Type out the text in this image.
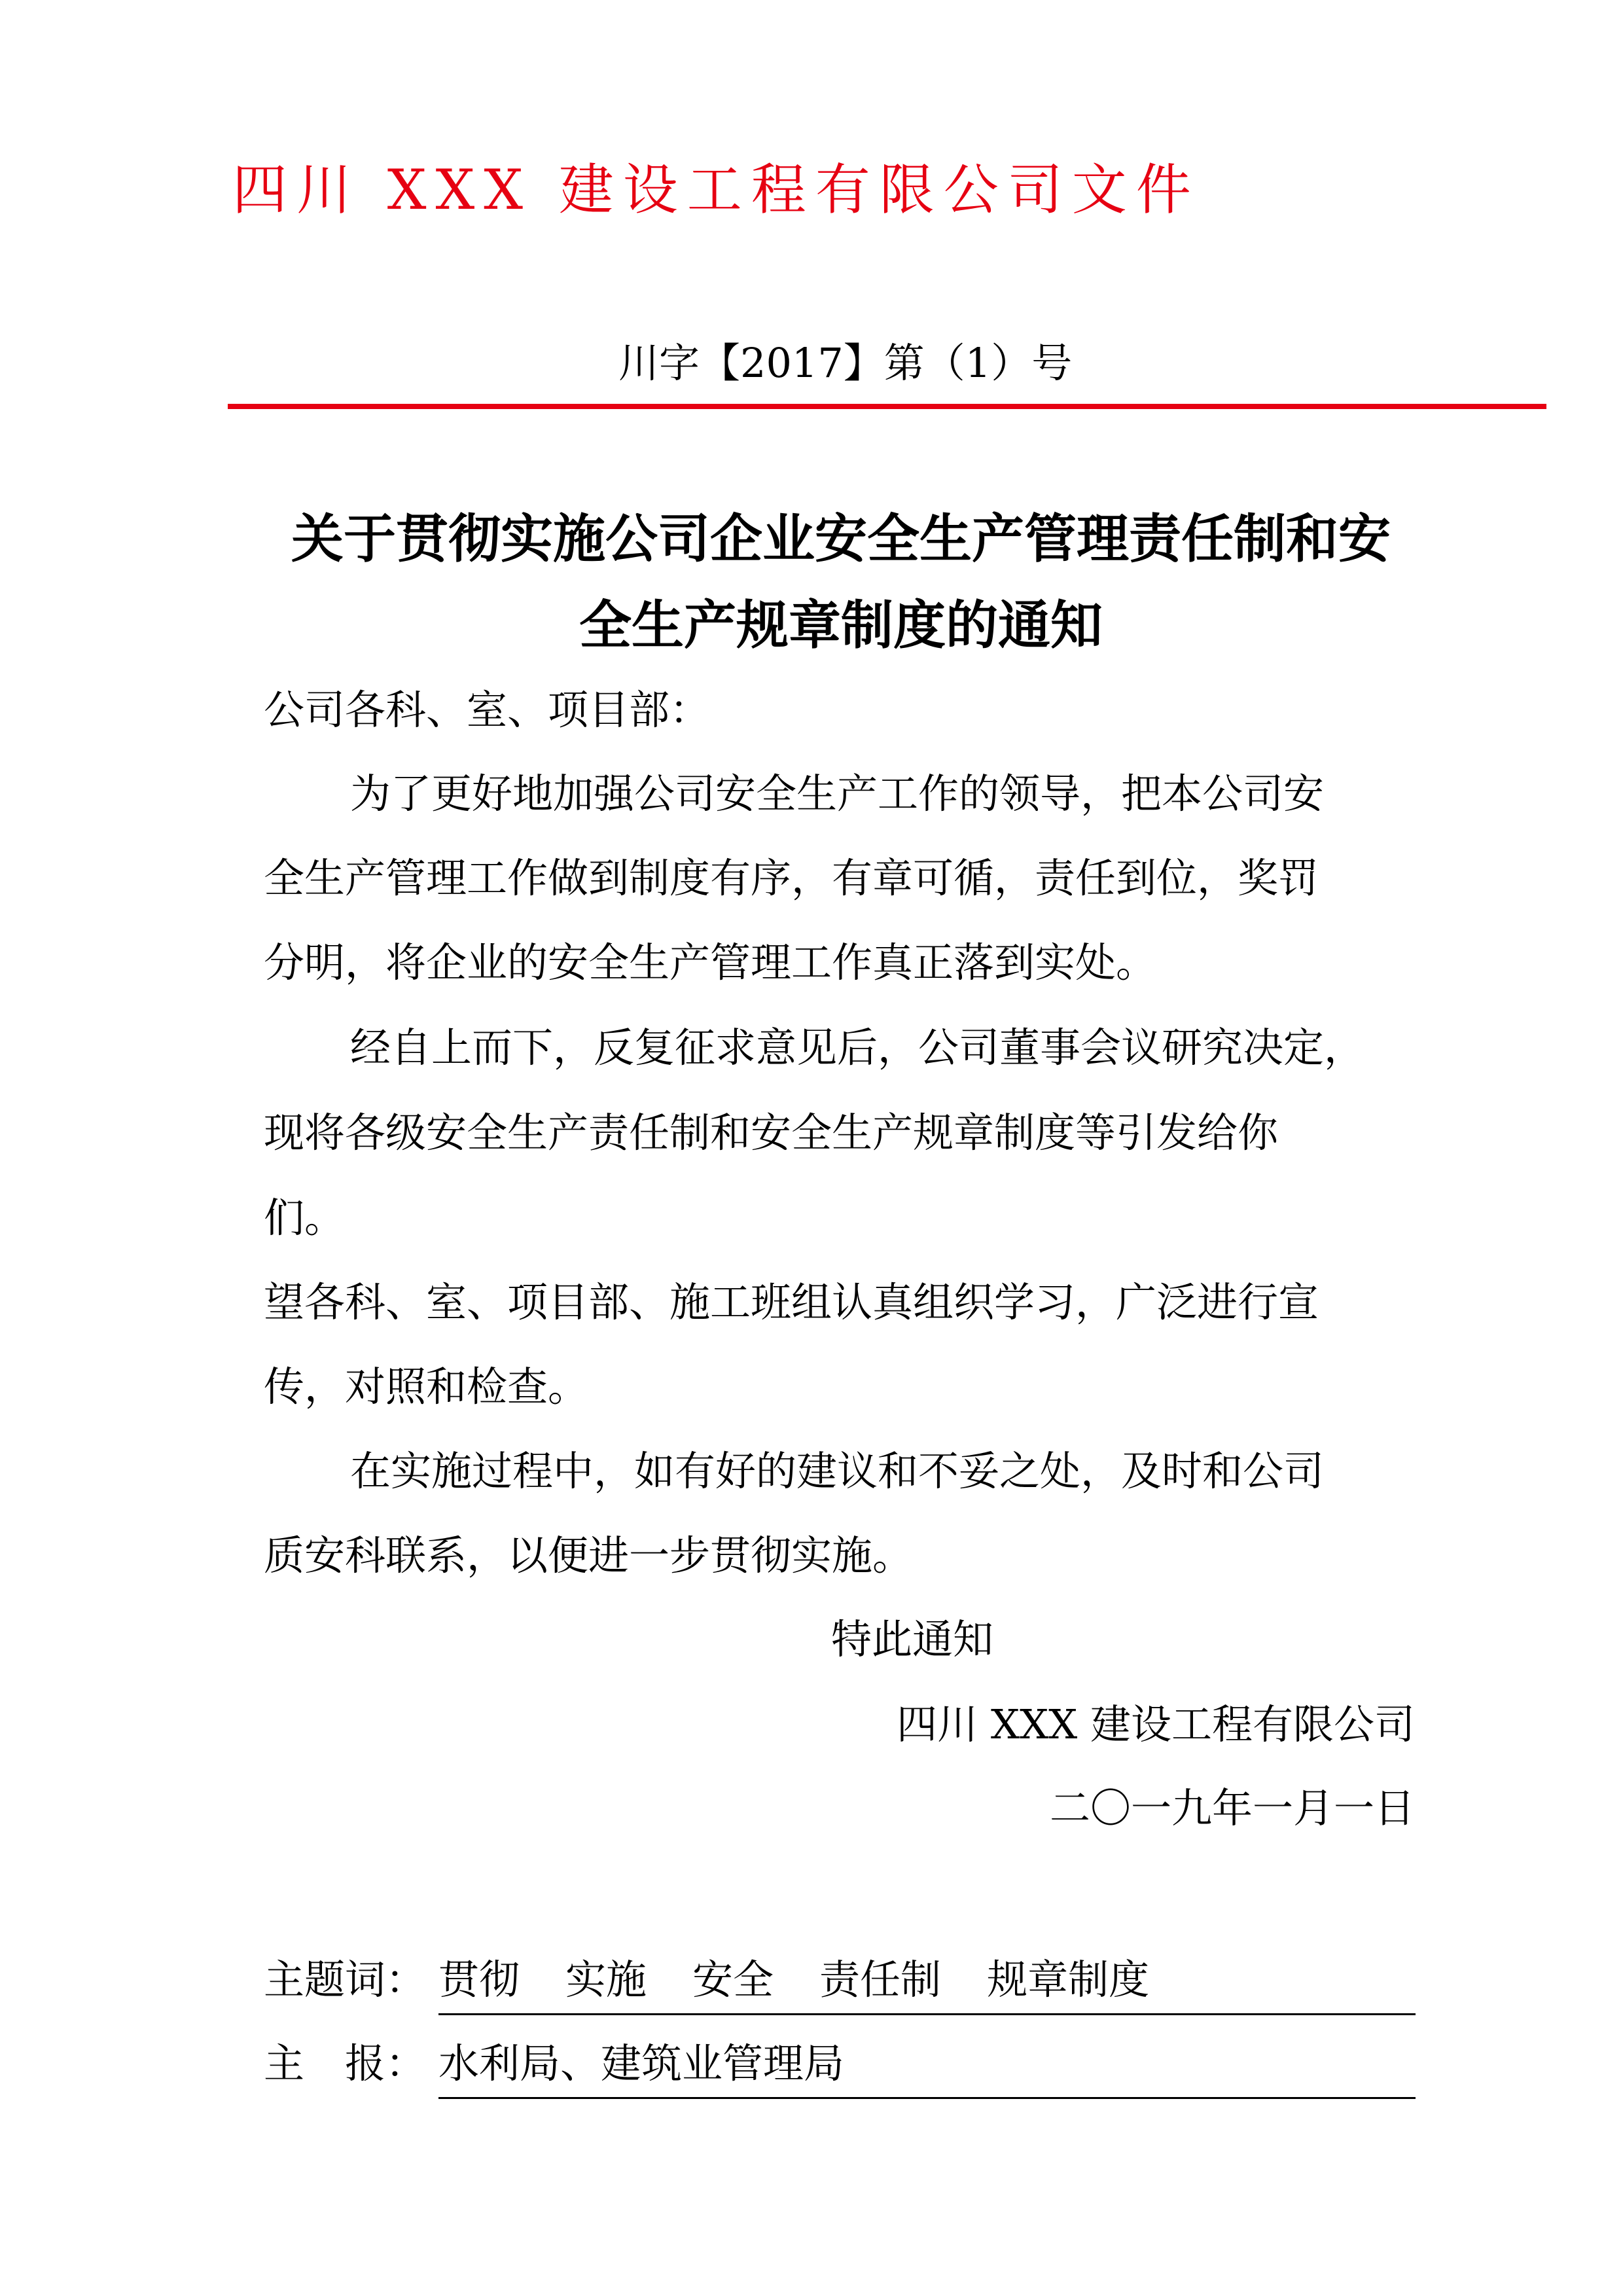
四川 XXX 建设工程有限公司文件
川字【2017】第（1）号
关于贯彻实施公司企业安全生产管理责任制和安
全生产规章制度的通知
公司各科、室、项目部：
为了更好地加强公司安全生产工作的领导，把本公司安
全生产管理工作做到制度有序，有章可循，责任到位，奖罚
分明，将企业的安全生产管理工作真正落到实处。
经自上而下，反复征求意见后，公司董事会议研究决定，
现将各级安全生产责任制和安全生产规章制度等引发给你
们。
望各科、室、项目部、施工班组认真组织学习，广泛进行宣
传，对照和检查。
在实施过程中，如有好的建议和不妥之处，及时和公司
质安科联系，以便进一步贯彻实施。
特此通知
四川 XXX 建设工程有限公司
二〇一九年一月一日
主题词： 贯彻 实施 安全 责任制 规章制度
主　报： 水利局、建筑业管理局
